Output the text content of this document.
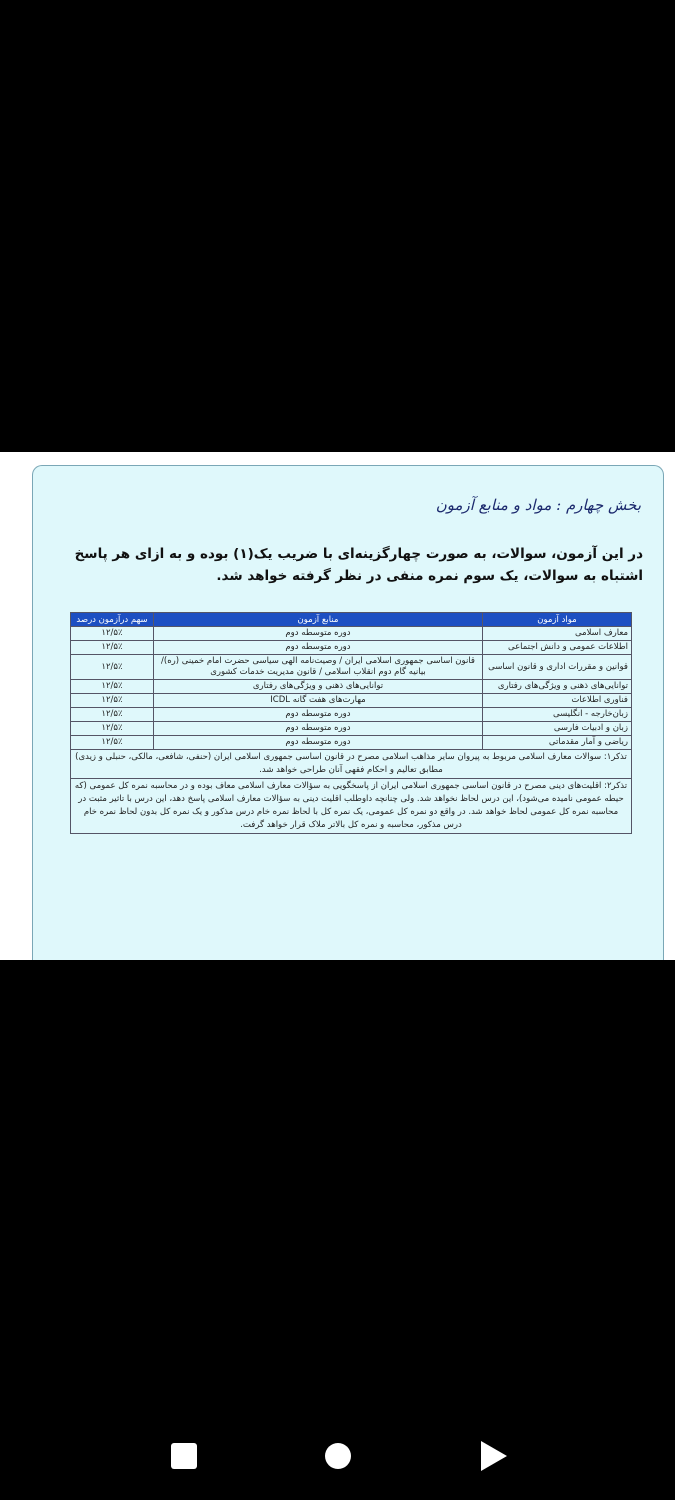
بخش چهارم : مواد و منابع آزمون
در این آزمون، سوالات، به صورت چهارگزینه‌ای با ضریب یک(۱) بوده و به ازای هر پاسخ اشتباه به سوالات، یک سوم نمره منفی در نظر گرفته خواهد شد.
مواد آزمون	منابع آزمون	سهم درآزمون درصد
معارف اسلامی	دوره متوسطه دوم	۱۲/۵٪
اطلاعات عمومی و دانش اجتماعی	دوره متوسطه دوم	۱۲/۵٪
قوانین و مقررات اداری و قانون اساسی	قانون اساسی جمهوری اسلامی ایران / وصیت‌نامه الهی سیاسی حضرت امام خمینی (ره)/ بیانیه گام دوم انقلاب اسلامی / قانون مدیریت خدمات کشوری	۱۲/۵٪
توانایی‌های ذهنی و ویژگی‌های رفتاری	توانایی‌های ذهنی و ویژگی‌های رفتاری	۱۲/۵٪
فناوری اطلاعات	مهارت‌های هفت گانه ICDL	۱۲/۵٪
زبان‌خارجه - انگلیسی	دوره متوسطه دوم	۱۲/۵٪
زبان و ادبیات فارسی	دوره متوسطه دوم	۱۲/۵٪
ریاضی و آمار مقدماتی	دوره متوسطه دوم	۱۲/۵٪
تذکر۱: سوالات معارف اسلامی مربوط به پیروان سایر مذاهب اسلامی مصرح در قانون اساسی جمهوری اسلامی ایران (حنفی، شافعی، مالکی، حنبلی و زیدی) مطابق تعالیم و احکام فقهی آنان طراحی خواهد شد.		
تذکر۲: اقلیت‌های دینی مصرح در قانون اساسی جمهوری اسلامی ایران از پاسخگویی به سؤالات معارف اسلامی معاف بوده و در محاسبه نمره کل عمومی (که حیطه عمومی نامیده می‌شود)، این درس لحاظ نخواهد شد. ولی چنانچه داوطلب اقلیت دینی به سؤالات معارف اسلامی پاسخ دهد، این درس با تاثیر مثبت در محاسبه نمره کل عمومی لحاظ خواهد شد. در واقع دو نمره کل عمومی، یک نمره کل با لحاظ نمره خام درس مذکور و یک نمره کل بدون لحاظ نمره خام درس مذکور، محاسبه و نمره کل بالاتر ملاک قرار خواهد گرفت.		
